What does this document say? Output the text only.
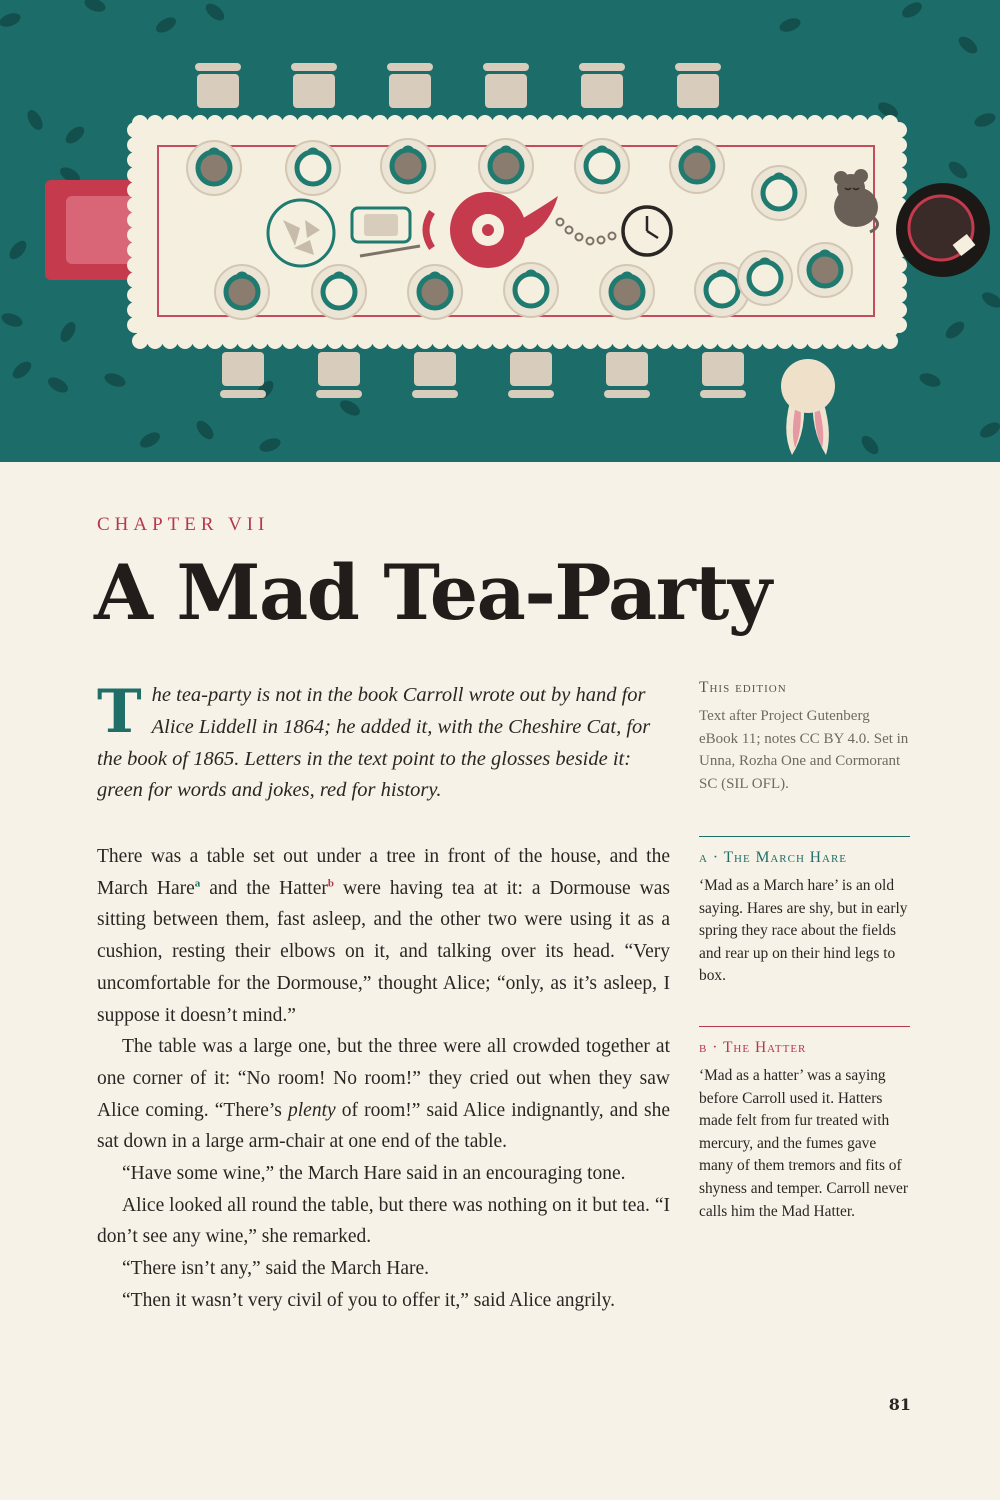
CHAPTER VII
A Mad Tea-Party
T he tea-party is not in the book Carroll wrote out by hand for Alice Liddell in 1864; he added it, with the Cheshire Cat, for the book of 1865. Letters in the text point to the glosses beside it: green for words and jokes, red for history.

There was a table set out under a tree in front of the house, and the March Hare$^a$ and the Hatter$^b$ were having tea at it: a Dormouse was sitting between them, fast asleep, and the other two were using it as a cushion, resting their elbows on it, and talking over its head. “Very uncomfortable for the Dormouse,” thought Alice; “only, as it’s asleep, I suppose it doesn’t mind.”

The table was a large one, but the three were all crowded together at one corner of it: “No room! No room!” they cried out when they saw Alice coming. “There’s plenty of room!” said Alice indignantly, and she sat down in a large arm-chair at one end of the table.

“Have some wine,” the March Hare said in an encouraging tone.

Alice looked all round the table, but there was nothing on it but tea. “I don’t see any wine,” she remarked.

“There isn’t any,” said the March Hare.

“Then it wasn’t very civil of you to offer it,” said Alice angrily.

This edition
Text after Project Gutenberg eBook 11; notes CC BY 4.0. Set in Unna, Rozha One and Cormorant SC (SIL OFL).
a · The March Hare
‘Mad as a March hare’ is an old saying. Hares are shy, but in early spring they race about the fields and rear up on their hind legs to box.
b · The Hatter
‘Mad as a hatter’ was a saying before Carroll used it. Hatters made felt from fur treated with mercury, and the fumes gave many of them tremors and fits of shyness and temper. Carroll never calls him the Mad Hatter.
81
